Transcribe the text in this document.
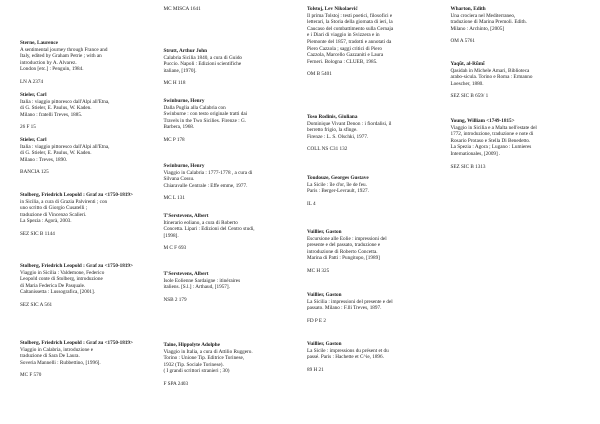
Sterne, Laurence
A sentimental journey through France and
Italy, edited by Graham Petrie ; with an
introduction by A. Alvarez.
London [etc.] : Penguin, 1984.
LN A 2374
Stieler, Carl
Italia : viaggio pittoresco dall'Alpi all'Etna,
di G. Stieler, E. Paulus, W. Kaden.
Milano : fratelli Treves, 1885.
26 F 15
Stieler, Carl
Italia : viaggio pittoresco dall'Alpi all'Etna,
di G. Stieler, E. Paulus, W. Kaden.
Milano : Treves, 1890.
BANCIA 125
Stolberg, Friedrich Leopold : Graf zu <1750-1819>
in Sicilia, a cura di Grazia Palvirenti ; con
uno scritto di Giorgio Cusatelli ;
traduzione di Vincenzo Scalieri.
La Spezia : Agorà, 2003.
SEZ SIC B 1144
Stolberg, Friedrich Leopold : Graf zu <1750-1819>
Viaggio in Sicilia : Valdemone, Federico
Leopold conte di Stolberg, introduzione
di Maria Federica De Pasquale.
Caltanissetta : Lussografica, [2001].
SEZ SIC A 561
Stolberg, Friedrich Leopold : Graf zu <1750-1819>
Viaggio in Calabria, introduzione e
traduzione di Sara De Laura.
Soveria Mannelli : Rubbettino, [1996].
MC F 570
MC MISCA 1641
Strutt, Arthur John
Calabria Sicilia 1840, a cura di Guido
Puccio. Napoli : Edizioni scientifiche
italiane, [1970].
MC H 118
Swinburne, Henry
Dalla Puglia alla Calabria con
Swinburne : con testo originale tratti dai
Travels in the Two Sicilies. Firenze : G.
Barbera, 1968.
MC P 178
Swinburne, Henry
Viaggio in Calabria : 1777-1778 , a cura di
Silvana Cossu.
Chiaravalle Centrale : Effe emme, 1977.
MC L 131
T'Serstevens, Albert
Itinerario eoliano, a cura di Roberto
Concetta. Lipari : Edizioni del Centro studi,
[1998].
M C F 693
T'Serstevens, Albert
Isole Eolienne Sardaigne : itinéraires
italiens. [S.l.] : Arthaud, [1957].
NSB 2 179
Taine, Hippolyte Adolphe
Viaggio in Italia, a cura di Attilio Ruggero.
Torino : Unione Tip. Editrice Torinese,
1932 (Tip. Sociale Torinese).
( I grandi scrittori stranieri ; 30)
F SPA 2403
Tolstoj, Lev Nikolaevič
Il prima Tolstoj : testi poetici, filosofici e
letterari, la Storia della giornata di ieri, la
Caucaso del combattimento sulla Cernaja
e i Diari di viaggio in Svizzera e in
Piemonte del 1857, tradotti e annotati da
Piero Cazzola ; saggi critici di Piero
Cazzola, Marcello Gazzaniti e Laura
Ferneri. Bologna : CLUEB, 1985.
OM B 5401
Toso Rodinis, Giuliana
Dominique Vivant Denon : i fiordalisi, il
berretto frigio, la sfinge.
Firenze : L. S. Olschki, 1977.
COLL NS C31 132
Toudouze, Georges Gustave
La Sicile : île d'or, île de feu.
Paris : Berger-Levrault, 1927.
IL 4
Vuillier, Gaston
Escursione alle Eolie : impressioni del
presente e del passato, traduzione e
introduzione di Roberto Concetta.
Marina di Patti : Pungitopo, [1989]
MC H 325
Vuillier, Gaston
La Sicilia : impressioni del presente e del
passato. Milano : F.lli Treves, 1897.
FD P E 2
Vuillier, Gaston
La Sicile : impressions du présent et du
passé. Paris : Hachette et C^ie, 1896.
89 H 21
Wharton, Edith
Una crociera nel Mediterraneo,
traduzione di Marina Premoli. Edith.
Milano : Archinto, [2005]
OM A 5761
Yaqūt, al-Rūmī
Qasidah in Michele Amari, Biblioteca
arabo-sicula. Torino e Roma : Ermanno
Loescher, 1880.
SEZ SIC B 659/ 1
Young, William <1749-1815>
Viaggio in Sicilia e a Malta nell'estate del
1772, introduzione, traduzione e note di
Rosario Protaso e Stella Di Benedetto.
La Spezia : Agora ; Lugano : Lumieres
Internationales, [2009] .
SEZ SIC B 1313
